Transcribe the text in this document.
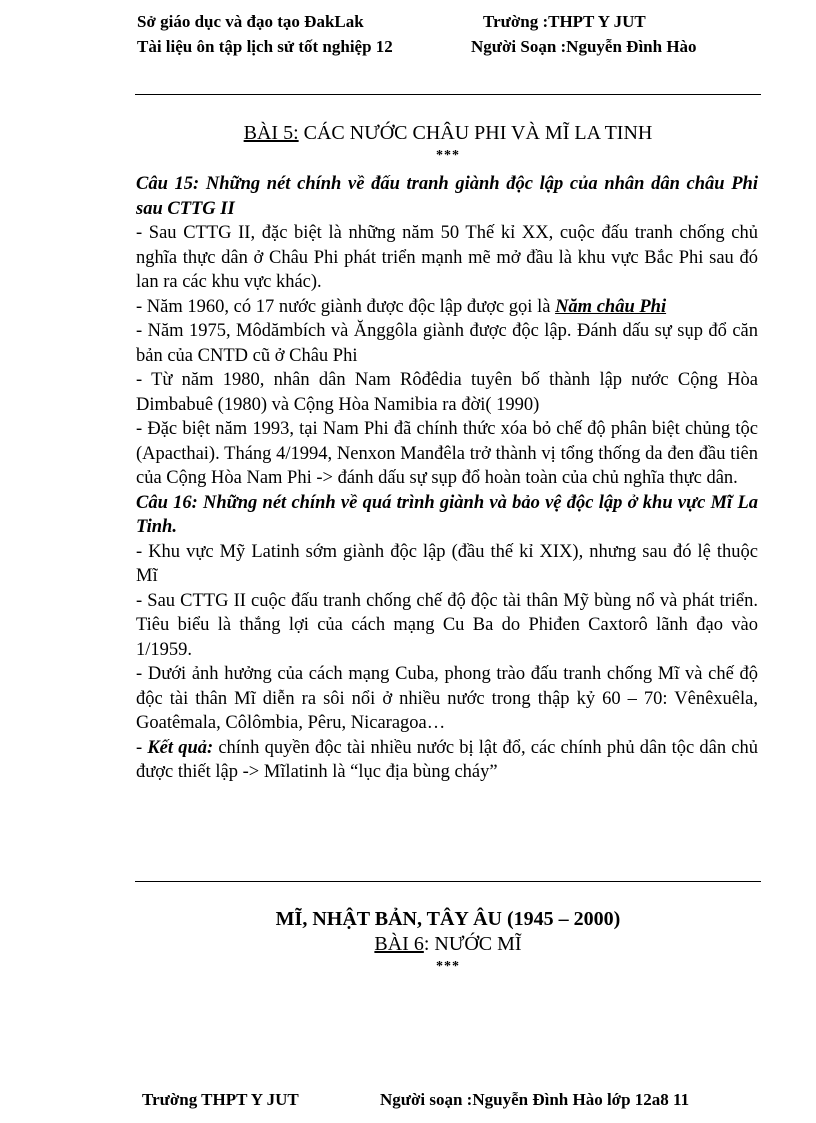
Sở giáo dục và đạo tạo ĐakLak	Trường :THPT Y JUT
Tài liệu ôn tập lịch sử tốt nghiệp 12	Người Soạn :Nguyễn Đình Hào
BÀI 5: CÁC NƯỚC CHÂU PHI VÀ MĨ LA TINH
***

Câu 15: Những nét chính về đấu tranh giành độc lập của nhân dân châu Phi sau CTTG II

- Sau CTTG II, đặc biệt là những năm 50 Thế kỉ XX, cuộc đấu tranh chống chủ nghĩa thực dân ở Châu Phi phát triển mạnh mẽ mở đầu là khu vực Bắc Phi sau đó lan ra các khu vực khác).

- Năm 1960, có 17 nước giành được độc lập được gọi là Năm châu Phi

- Năm 1975, Môdămbích và Ănggôla giành được độc lập. Đánh dấu sự sụp đổ căn bản của CNTD cũ ở Châu Phi

- Từ năm 1980, nhân dân Nam Rôđêdia tuyên bố thành lập nước Cộng Hòa Dimbabuê (1980) và Cộng Hòa Namibia ra đời( 1990)

- Đặc biệt năm 1993, tại Nam Phi đã chính thức xóa bỏ chế độ phân biệt chủng tộc (Apacthai). Tháng 4/1994, Nenxon Manđêla trở thành vị tổng thống da đen đầu tiên của Cộng Hòa Nam Phi -> đánh dấu sự sụp đổ hoàn toàn của chủ nghĩa thực dân.

Câu 16: Những nét chính về quá trình giành và bảo vệ độc lập ở khu vực Mĩ La Tinh.

- Khu vực Mỹ Latinh sớm giành độc lập (đầu thế kỉ XIX), nhưng sau đó lệ thuộc Mĩ

- Sau CTTG II cuộc đấu tranh chống chế độ độc tài thân Mỹ bùng nổ và phát triển. Tiêu biểu là thắng lợi của cách mạng Cu Ba do Phiđen Caxtorô lãnh đạo vào 1/1959.

- Dưới ảnh hưởng của cách mạng Cuba, phong trào đấu tranh chống Mĩ và chế độ độc tài thân Mĩ diễn ra sôi nổi ở nhiều nước trong thập kỷ 60 – 70: Vênêxuêla, Goatêmala, Côlômbia, Pêru, Nicaragoa…

- Kết quả: chính quyền độc tài nhiều nước bị lật đổ, các chính phủ dân tộc dân chủ được thiết lập -> Mĩlatinh là “lục địa bùng cháy”

MĨ, NHẬT BẢN, TÂY ÂU (1945 – 2000)
BÀI 6: NƯỚC MĨ
***
Trường THPT Y JUT	Người soạn :Nguyễn Đình Hào lớp 12a8 11
